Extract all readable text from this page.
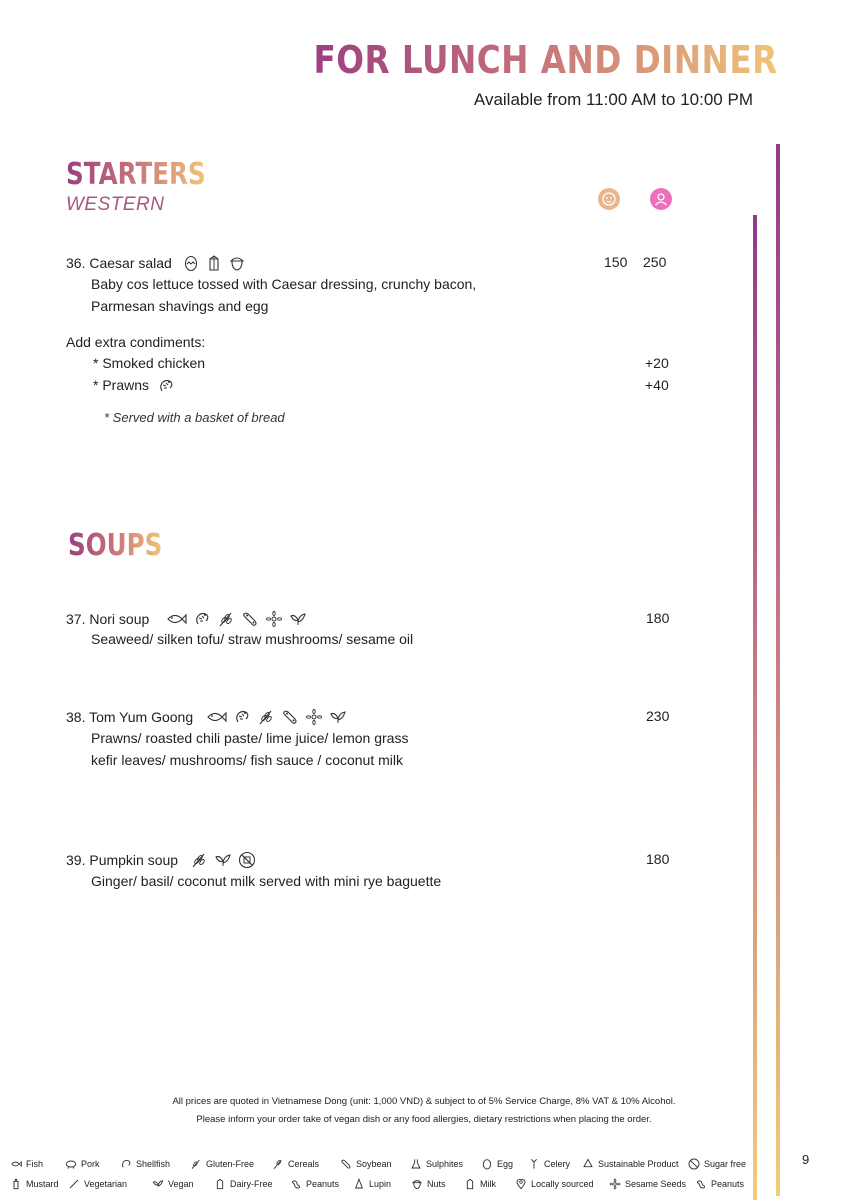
FOR LUNCH AND DINNER
Available from 11:00 AM to 10:00 PM
STARTERS
WESTERN
36. Caesar salad	150 250
Baby cos lettuce tossed with Caesar dressing, crunchy bacon,
Parmesan shavings and egg
Add extra condiments:
* Smoked chicken	+20
* Prawns	+40
* Served with a basket of bread
SOUPS
37. Nori soup	180
Seaweed/ silken tofu/ straw mushrooms/ sesame oil
38. Tom Yum Goong	230
Prawns/ roasted chili paste/ lime juice/ lemon grass
kefir leaves/ mushrooms/ fish sauce / coconut milk
39. Pumpkin soup	180
Ginger/ basil/ coconut milk served with mini rye baguette
All prices are quoted in Vietnamese Dong (unit: 1,000 VND) & subject to of 5% Service Charge, 8% VAT & 10% Alcohol.
Please inform your order take of vegan dish or any food allergies, dietary restrictions when placing the order.
Fish	Pork	Shellfish	Gluten-Free	Cereals	Soybean	Sulphites	Egg	Celery	Sustainable Product	Sugar free
Mustard	Vegetarian	Vegan	Dairy-Free	Peanuts	Lupin	Nuts	Milk	Locally sourced	Sesame Seeds	Peanuts
9
